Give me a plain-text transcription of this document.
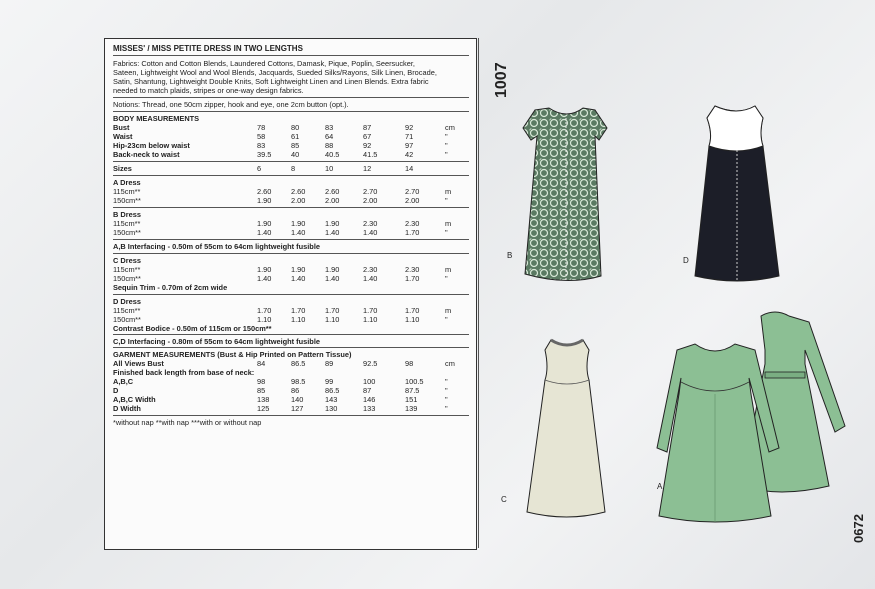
MISSES' / MISS PETITE DRESS IN TWO LENGTHS
Fabrics: Cotton and Cotton Blends, Laundered Cottons, Damask, Pique, Poplin, Seersucker,
Sateen, Lightweight Wool and Wool Blends, Jacquards, Sueded Silks/Rayons, Silk Linen, Brocade,
Satin, Shantung, Lightweight Double Knits, Soft Lightweight Linen and Linen Blends. Extra fabric
needed to match plaids, stripes or one-way design fabrics.
Notions: Thread, one 50cm zipper, hook and eye, one 2cm button (opt.).
BODY MEASUREMENTS
Bust	78	80	83	87	92	cm
Waist	58	61	64	67	71	"
Hip-23cm below waist	83	85	88	92	97	"
Back-neck to waist	39.5	40	40.5	41.5	42	"
Sizes	6	8	10	12	14
A Dress
115cm**	2.60	2.60	2.60	2.70	2.70	m
150cm**	1.90	2.00	2.00	2.00	2.00	"
B Dress
115cm**	1.90	1.90	1.90	2.30	2.30	m
150cm**	1.40	1.40	1.40	1.40	1.70	"
A,B Interfacing - 0.50m of 55cm to 64cm lightweight fusible
C Dress
115cm**	1.90	1.90	1.90	2.30	2.30	m
150cm**	1.40	1.40	1.40	1.40	1.70	"
Sequin Trim - 0.70m of 2cm wide
D Dress
115cm**	1.70	1.70	1.70	1.70	1.70	m
150cm**	1.10	1.10	1.10	1.10	1.10	"
Contrast Bodice - 0.50m of 115cm or 150cm**
C,D Interfacing - 0.80m of 55cm to 64cm lightweight fusible
GARMENT MEASUREMENTS (Bust & Hip Printed on Pattern Tissue)
All Views Bust	84	86.5	89	92.5	98	cm
Finished back length from base of neck:
A,B,C	98	98.5	99	100	100.5	"
D	85	86	86.5	87	87.5	"
A,B,C Width	138	140	143	146	151	"
D Width	125	127	130	133	139	"
*without nap **with nap ***with or without nap
1007
0672
B
D
C
A
